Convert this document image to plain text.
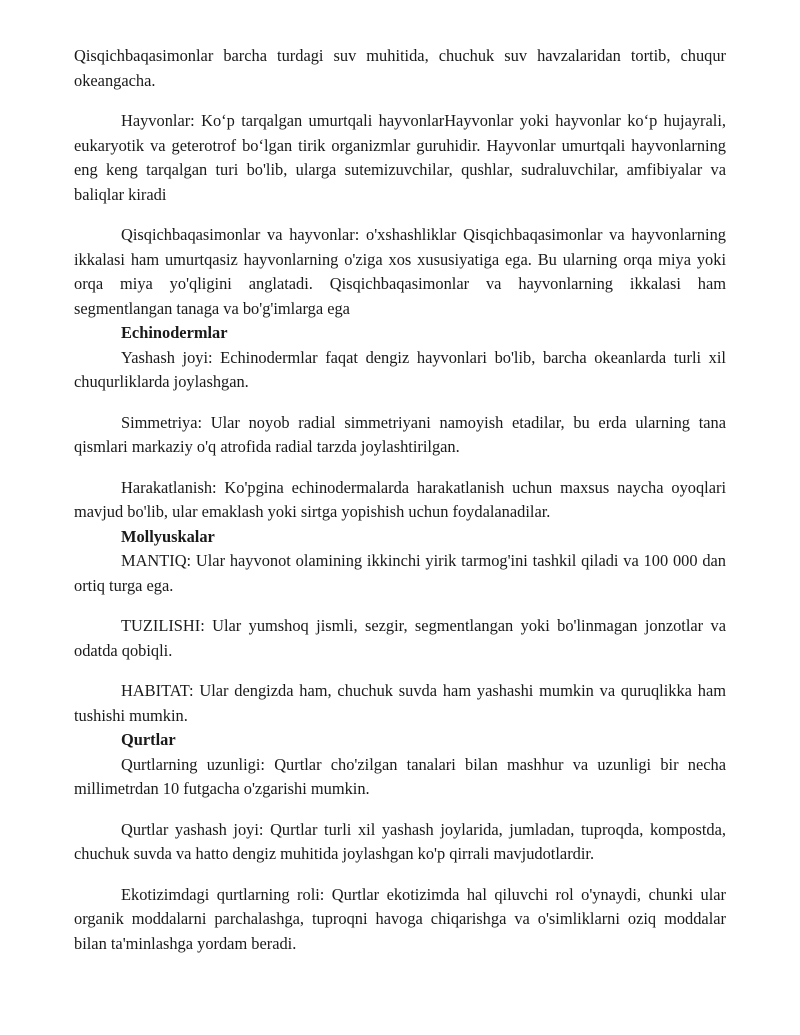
Qisqichbaqasimonlar barcha turdagi suv muhitida, chuchuk suv havzalaridan tortib, chuqur okeangacha.

Hayvonlar: Ko‘p tarqalgan umurtqali hayvonlarHayvonlar yoki hayvonlar ko‘p hujayrali, eukaryotik va geterotrof bo‘lgan tirik organizmlar guruhidir. Hayvonlar umurtqali hayvonlarning eng keng tarqalgan turi bo'lib, ularga sutemizuvchilar, qushlar, sudraluvchilar, amfibiyalar va baliqlar kiradi

Qisqichbaqasimonlar va hayvonlar: o'xshashliklar Qisqichbaqasimonlar va hayvonlarning ikkalasi ham umurtqasiz hayvonlarning o'ziga xos xususiyatiga ega. Bu ularning orqa miya yoki orqa miya yo'qligini anglatadi. Qisqichbaqasimonlar va hayvonlarning ikkalasi ham segmentlangan tanaga va bo'g'imlarga ega

Echinodermlar

Yashash joyi: Echinodermlar faqat dengiz hayvonlari bo'lib, barcha okeanlarda turli xil chuqurliklarda joylashgan.

Simmetriya: Ular noyob radial simmetriyani namoyish etadilar, bu erda ularning tana qismlari markaziy o'q atrofida radial tarzda joylashtirilgan.

Harakatlanish: Ko'pgina echinodermalarda harakatlanish uchun maxsus naycha oyoqlari mavjud bo'lib, ular emaklash yoki sirtga yopishish uchun foydalanadilar.

Mollyuskalar

MANTIQ: Ular hayvonot olamining ikkinchi yirik tarmog'ini tashkil qiladi va 100 000 dan ortiq turga ega.

TUZILISHI: Ular yumshoq jismli, sezgir, segmentlangan yoki bo'linmagan jonzotlar va odatda qobiqli.

HABITAT: Ular dengizda ham, chuchuk suvda ham yashashi mumkin va quruqlikka ham tushishi mumkin.

Qurtlar

Qurtlarning uzunligi: Qurtlar cho'zilgan tanalari bilan mashhur va uzunligi bir necha millimetrdan 10 futgacha o'zgarishi mumkin.

Qurtlar yashash joyi: Qurtlar turli xil yashash joylarida, jumladan, tuproqda, kompostda, chuchuk suvda va hatto dengiz muhitida joylashgan ko'p qirrali mavjudotlardir.

Ekotizimdagi qurtlarning roli: Qurtlar ekotizimda hal qiluvchi rol o'ynaydi, chunki ular organik moddalarni parchalashga, tuproqni havoga chiqarishga va o'simliklarni oziq moddalar bilan ta'minlashga yordam beradi.
